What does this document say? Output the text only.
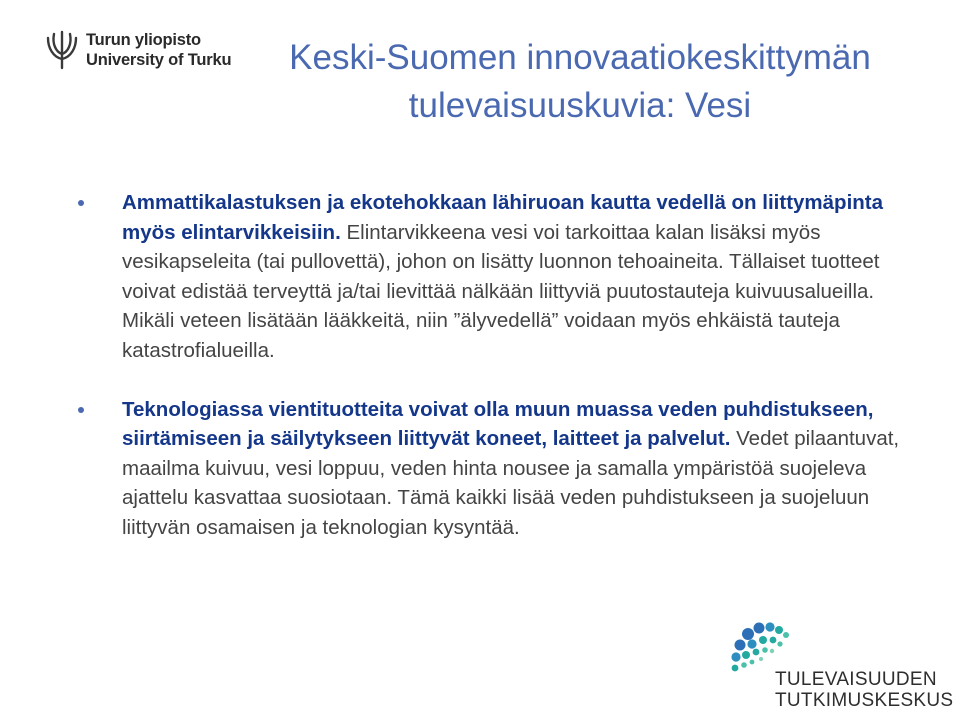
Turun yliopisto
University of Turku	Keski-Suomen innovaatiokeskittymän
tulevaisuuskuvia: Vesi
Ammattikalastuksen ja ekotehokkaan lähiruoan kautta vedellä on liittymäpinta myös elintarvikkeisiin. Elintarvikkeena vesi voi tarkoittaa kalan lisäksi myös vesikapseleita (tai pullovettä), johon on lisätty luonnon tehoaineita. Tällaiset tuotteet voivat edistää terveyttä ja/tai lievittää nälkään liittyviä puutostauteja kuivuusalueilla. Mikäli veteen lisätään lääkkeitä, niin ”älyvedellä” voidaan myös ehkäistä tauteja katastrofialueilla.
Teknologiassa vientituotteita voivat olla muun muassa veden puhdistukseen, siirtämiseen ja säilytykseen liittyvät koneet, laitteet ja palvelut. Vedet pilaantuvat, maailma kuivuu, vesi loppuu, veden hinta nousee ja samalla ympäristöä suojeleva ajattelu kasvattaa suosiotaan. Tämä kaikki lisää veden puhdistukseen ja suojeluun liittyvän osamaisen ja teknologian kysyntää.
TULEVAISUUDEN
TUTKIMUSKESKUS
